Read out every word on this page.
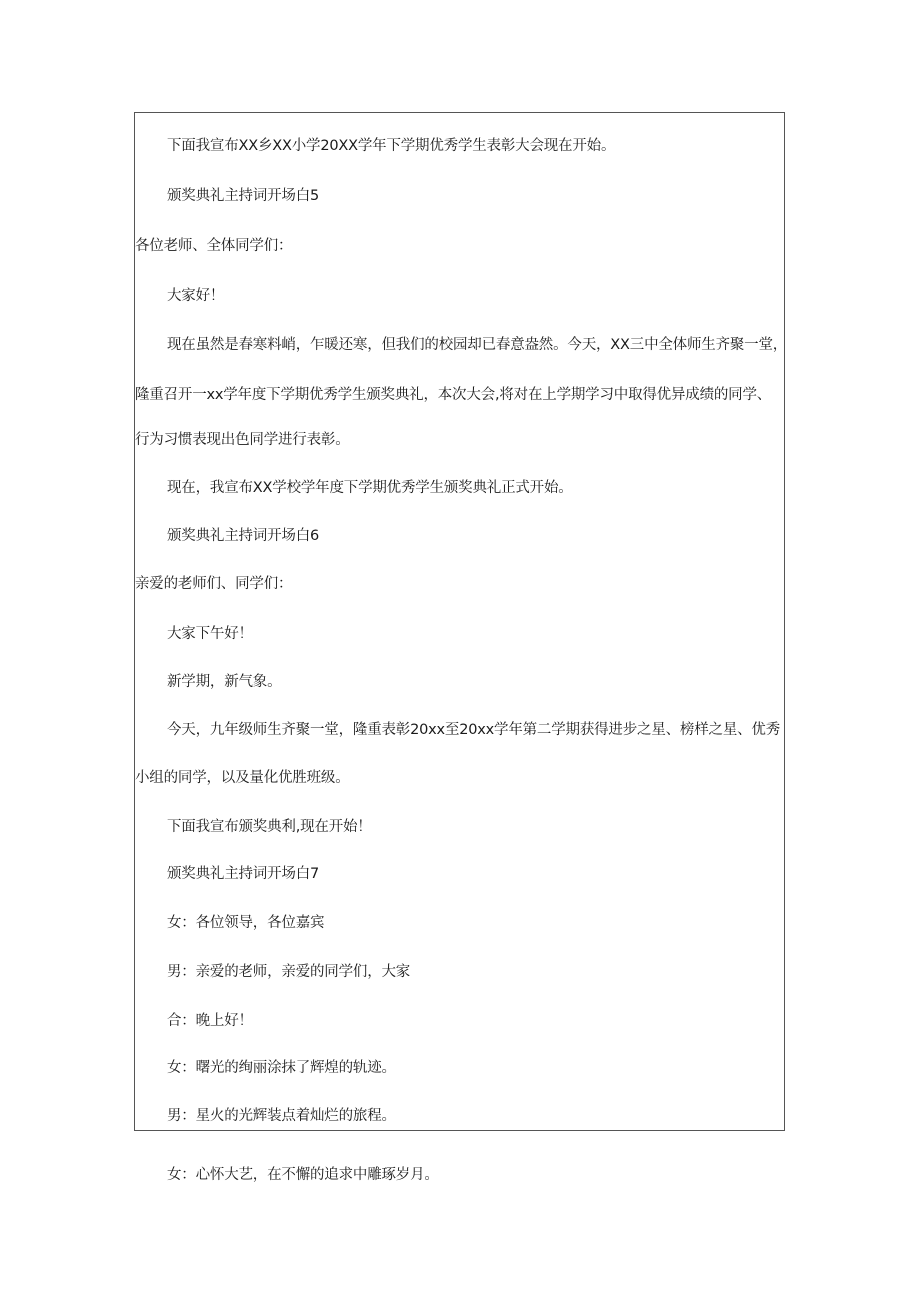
下面我宣布XX乡XX小学20XX学年下学期优秀学生表彰大会现在开始。
颁奖典礼主持词开场白5
各位老师、全体同学们：
大家好！
现在虽然是春寒料峭，乍暖还寒，但我们的校园却已春意盎然。今天，XX三中全体师生齐聚一堂，
隆重召开一xx学年度下学期优秀学生颁奖典礼，本次大会,将对在上学期学习中取得优异成绩的同学、
行为习惯表现出色同学进行表彰。
现在，我宣布XX学校学年度下学期优秀学生颁奖典礼正式开始。
颁奖典礼主持词开场白6
亲爱的老师们、同学们：
大家下午好！
新学期，新气象。
今天，九年级师生齐聚一堂，隆重表彰20xx至20xx学年第二学期获得进步之星、榜样之星、优秀
小组的同学，以及量化优胜班级。
下面我宣布颁奖典利,现在开始！
颁奖典礼主持词开场白7
女：各位领导，各位嘉宾
男：亲爱的老师，亲爱的同学们，大家
合：晚上好！
女：曙光的绚丽涂抹了辉煌的轨迹。
男：星火的光辉装点着灿烂的旅程。
女：心怀大艺，在不懈的追求中雕琢岁月。
